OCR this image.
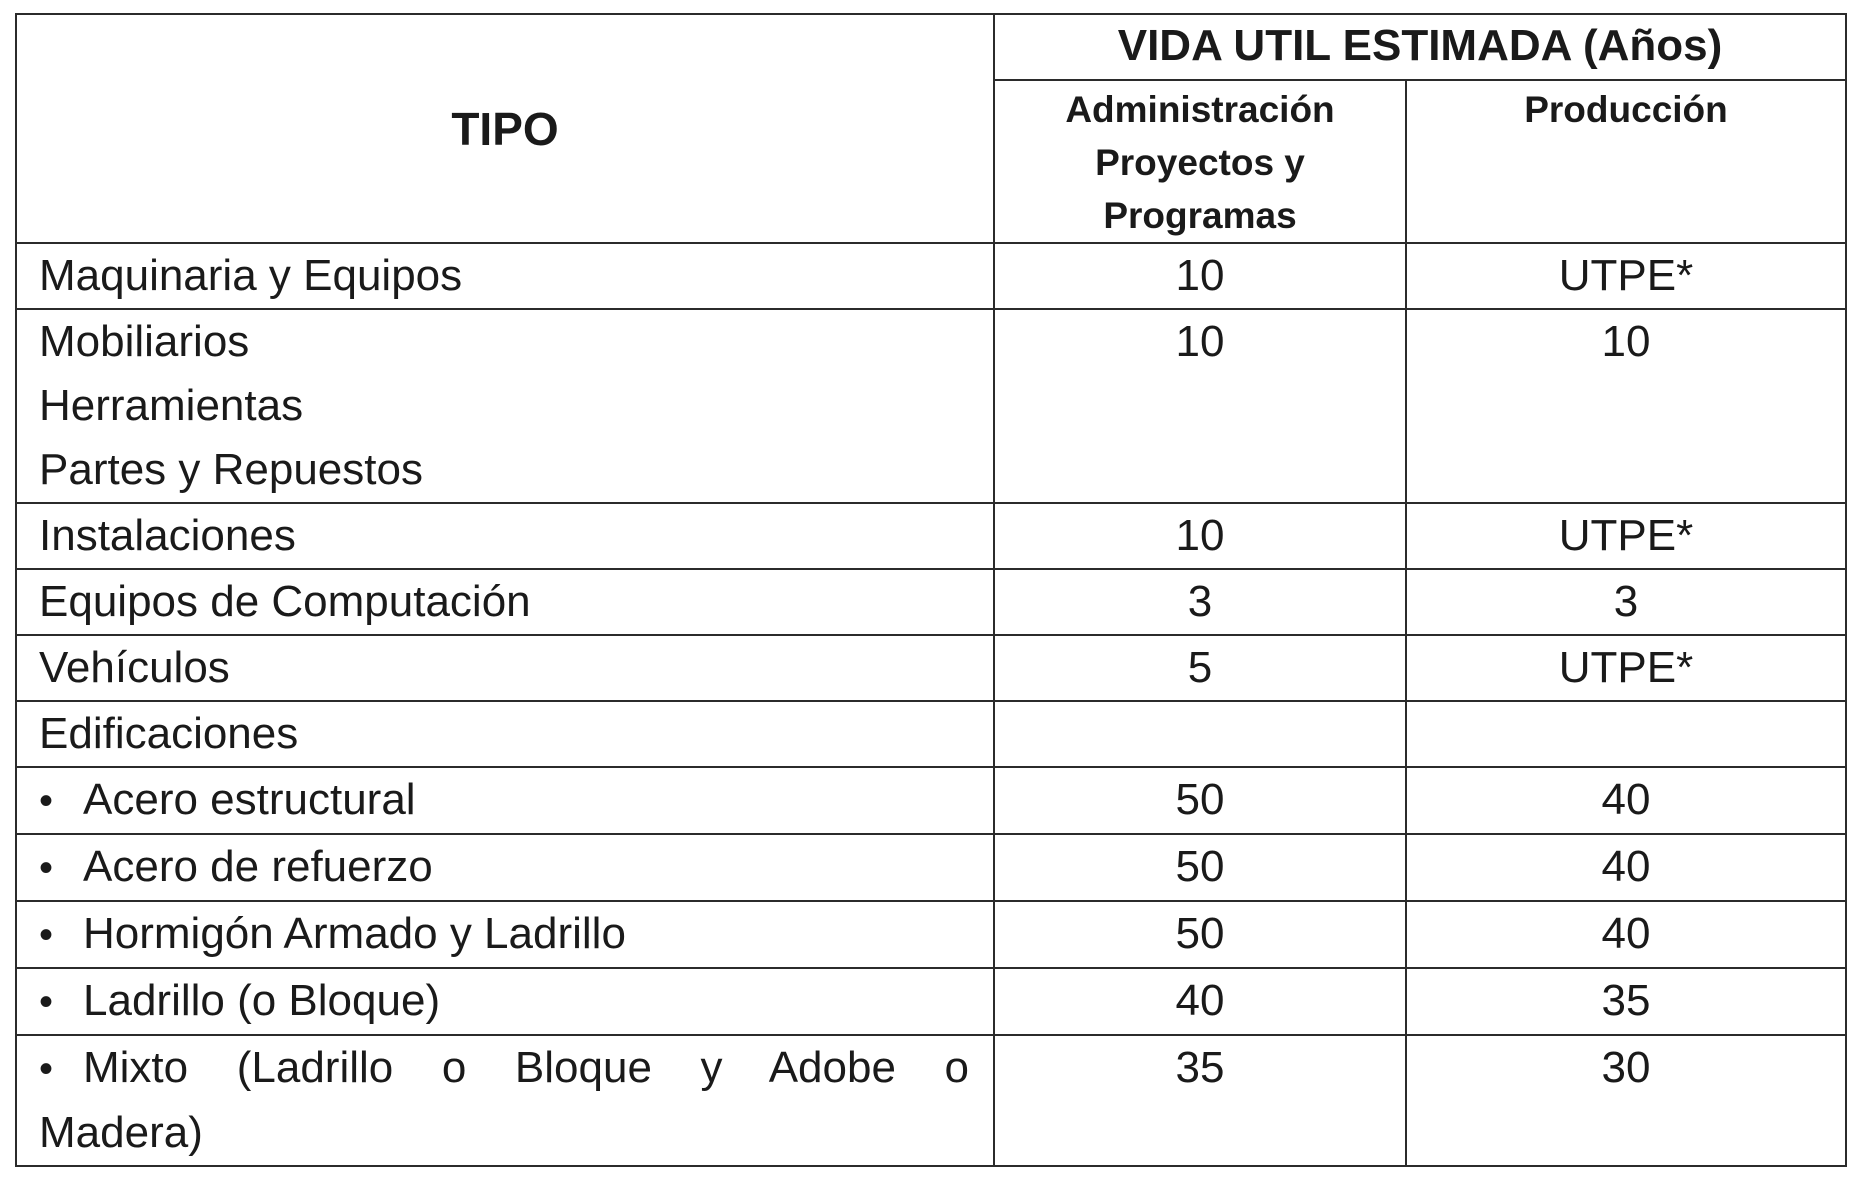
TIPO	VIDA UTIL ESTIMADA (Años)	

	Administración
Proyectos y
Programas	Producción

Maquinaria y Equipos	10	UTPE*

Mobiliarios
Herramientas
Partes y Repuestos	10	10

Instalaciones	10	UTPE*

Equipos de Computación	3	3

Vehículos	5	UTPE*

Edificaciones		

• Acero estructural	50	40

• Acero de refuerzo	50	40

• Hormigón Armado y Ladrillo	50	40

• Ladrillo (o Bloque)	40	35

• Mixto (Ladrillo o Bloque y Adobe o
Madera)	35	30
